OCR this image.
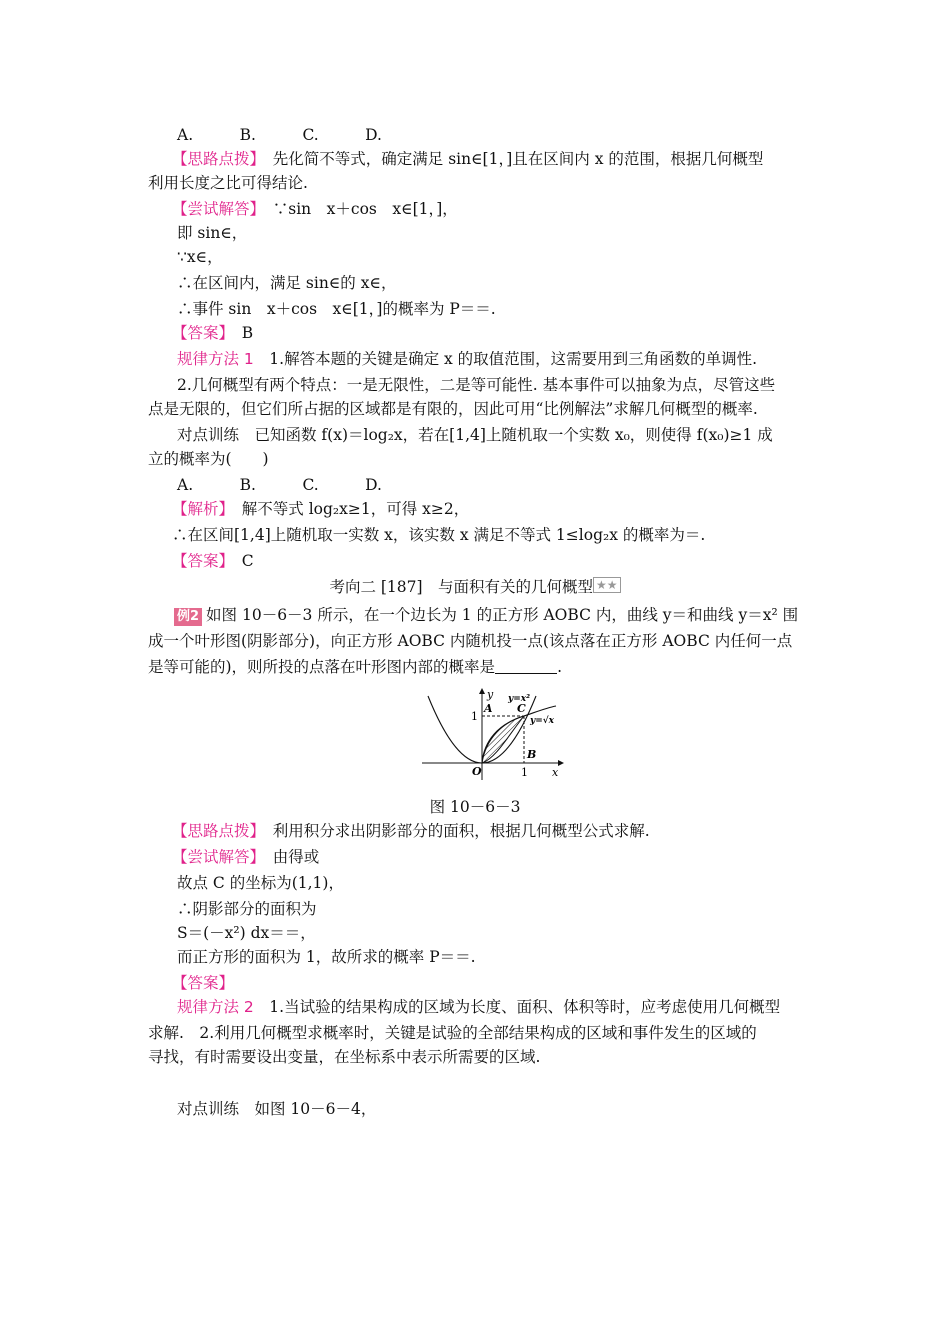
A.　　　B.　　　C.　　　D.
【思路点拨】　先化简不等式，确定满足 sin∈[1，]且在区间内 x 的范围，根据几何概型
利用长度之比可得结论.
【尝试解答】　∵sin　x＋cos　x∈[1，]，
即 sin∈，
∵x∈，
∴在区间内，满足 sin∈的 x∈，
∴事件 sin　x＋cos　x∈[1，]的概率为 P＝＝.
【答案】　B
规律方法 1　1.解答本题的关键是确定 x 的取值范围，这需要用到三角函数的单调性.
2.几何概型有两个特点：一是无限性，二是等可能性. 基本事件可以抽象为点，尽管这些
点是无限的，但它们所占据的区域都是有限的，因此可用“比例解法”求解几何概型的概率.
对点训练　已知函数 f(x)＝log₂x，若在[1,4]上随机取一个实数 x₀，则使得 f(x₀)≥1 成
立的概率为(　　)
A.　　　B.　　　C.　　　D.
【解析】　解不等式 log₂x≥1，可得 x≥2，
∴在区间[1,4]上随机取一实数 x，该实数 x 满足不等式 1≤log₂x 的概率为＝.
【答案】　C
考向二 [187]　与面积有关的几何概型 ★★
例2 如图 10－6－3 所示，在一个边长为 1 的正方形 AOBC 内，曲线 y＝和曲线 y＝x² 围
成一个叶形图(阴影部分)，向正方形 AOBC 内随机投一点(该点落在正方形 AOBC 内任何一点
是等可能的)，则所投的点落在叶形图内部的概率是	.
y
x
O
A
B
C
1
1
y=x²
y=√x
图 10－6－3
【思路点拨】　利用积分求出阴影部分的面积，根据几何概型公式求解.
【尝试解答】　由得或
故点 C 的坐标为(1,1)，
∴阴影部分的面积为
S＝(－x²) dx＝＝，
而正方形的面积为 1，故所求的概率 P＝＝.
【答案】
规律方法 2　1.当试验的结果构成的区域为长度、面积、体积等时，应考虑使用几何概型
求解.　2.利用几何概型求概率时，关键是试验的全部结果构成的区域和事件发生的区域的
寻找，有时需要设出变量，在坐标系中表示所需要的区域.
对点训练　如图 10－6－4，
